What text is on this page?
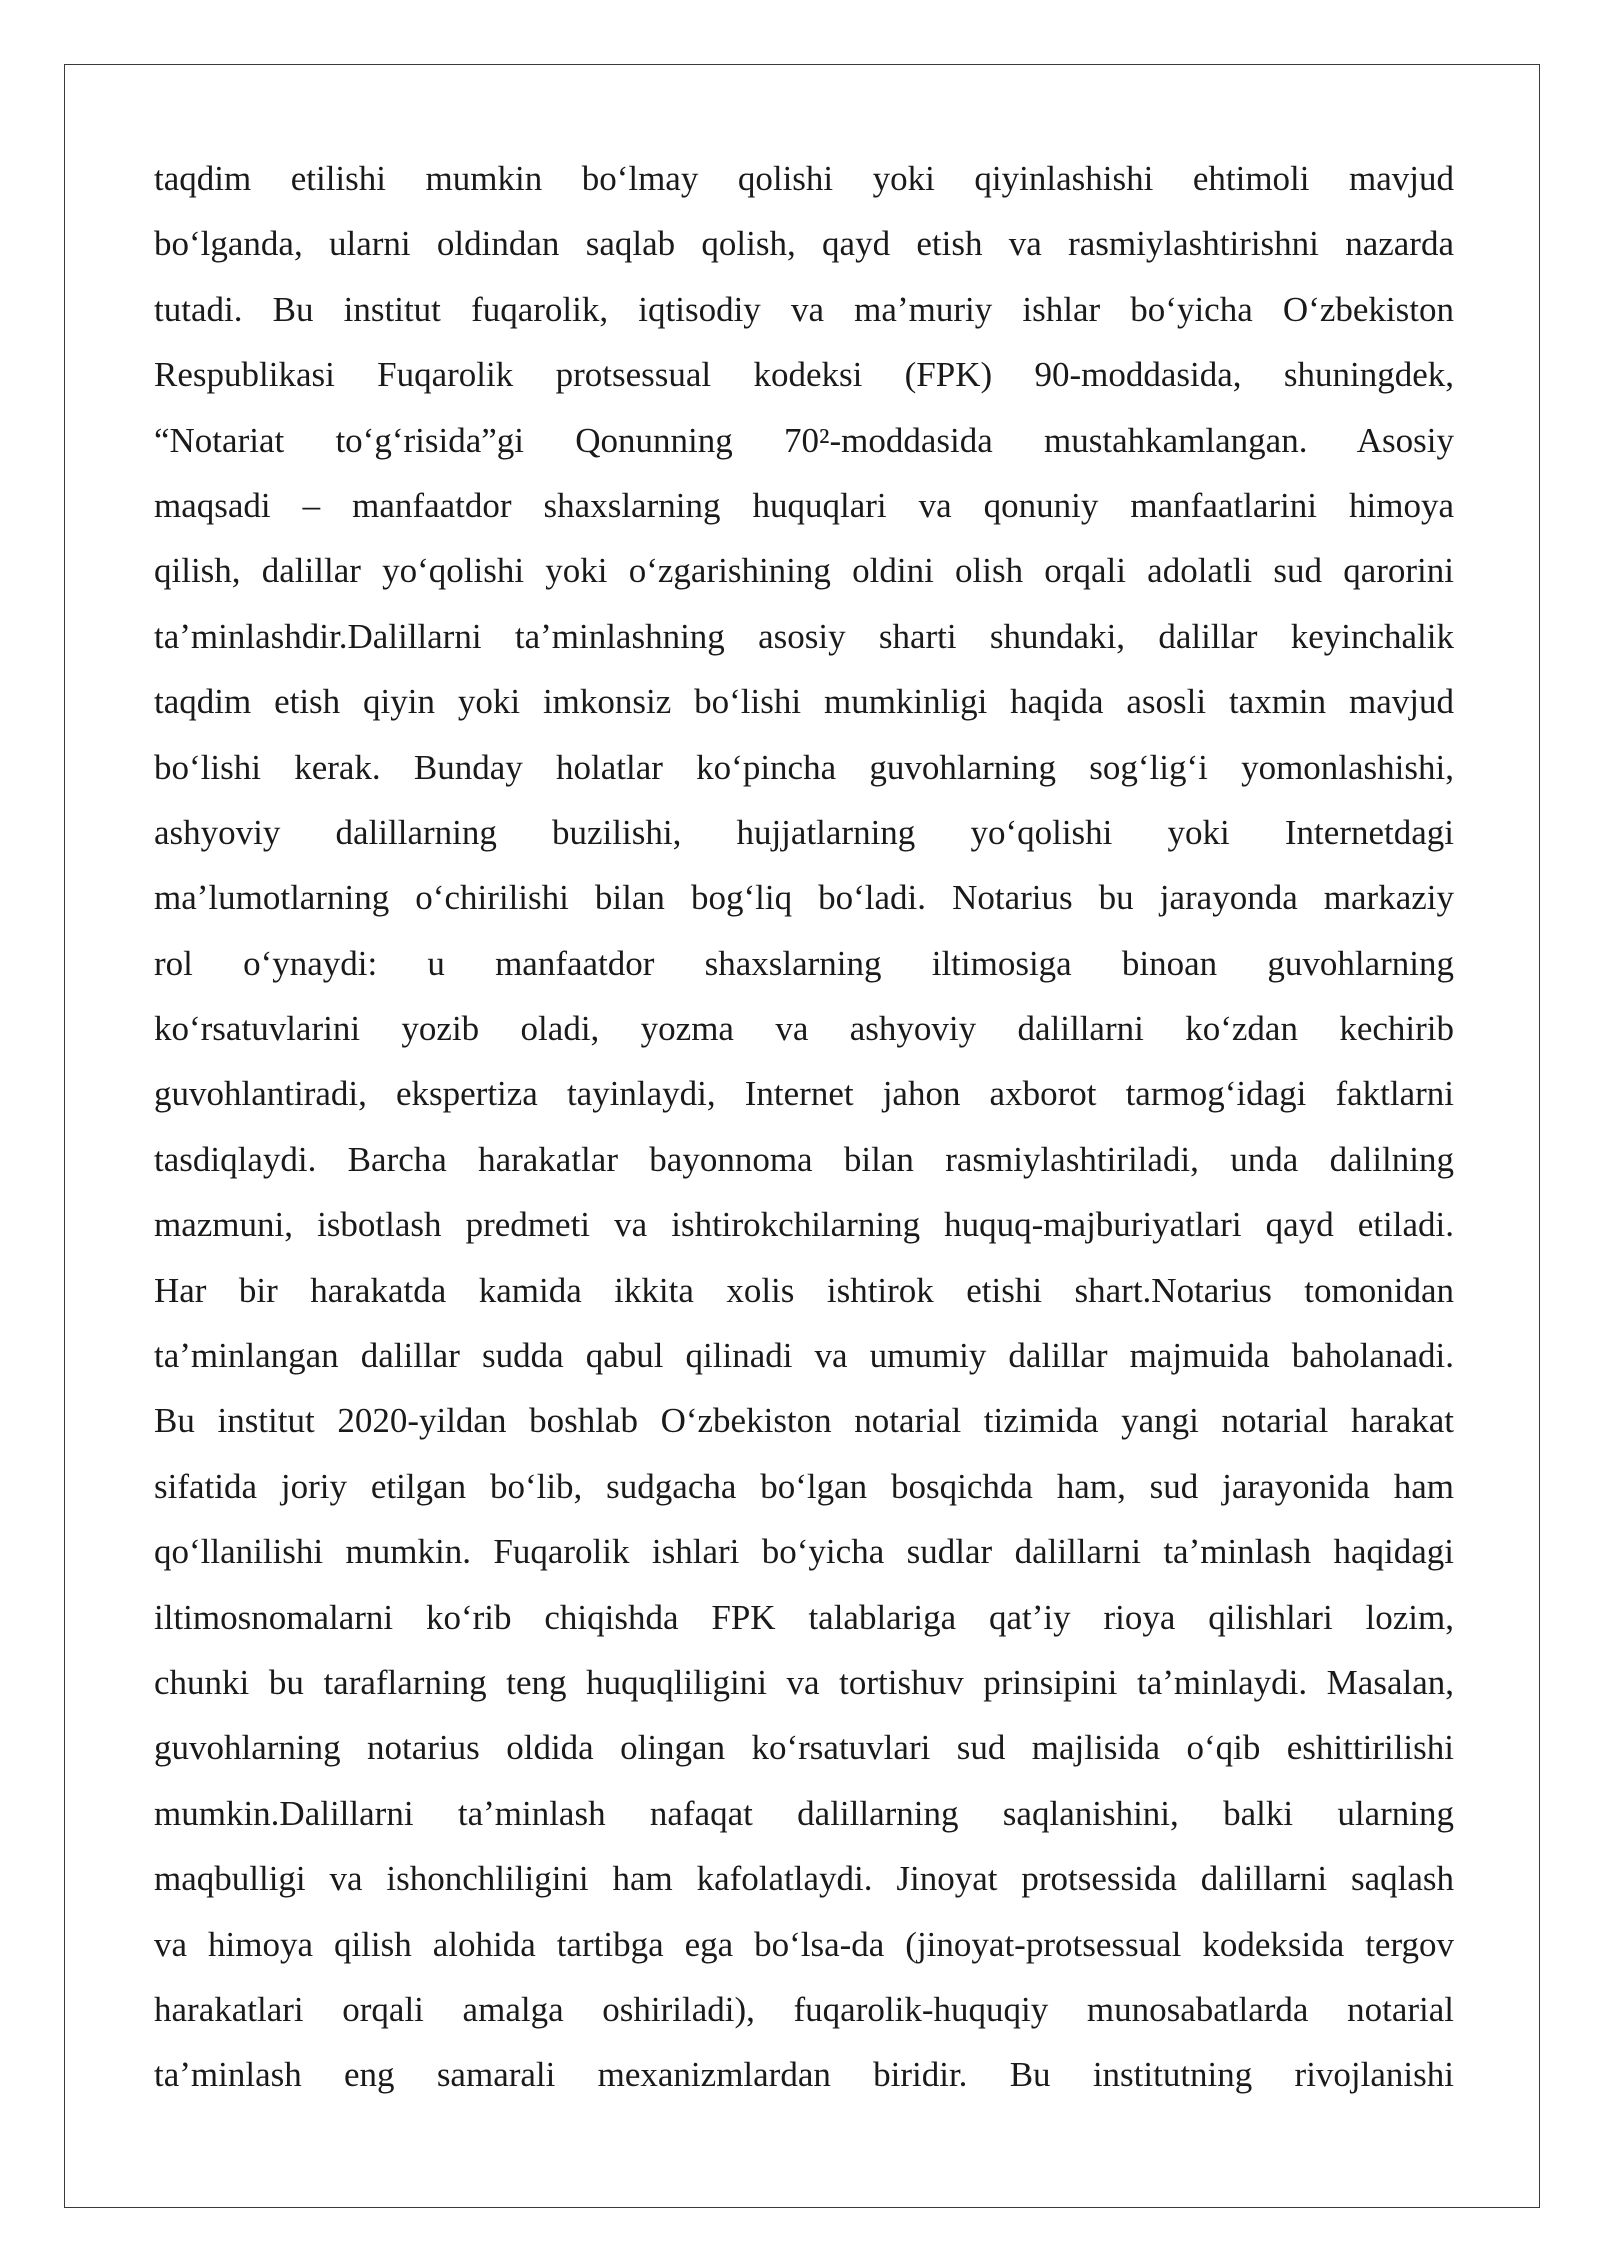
taqdim etilishi mumkin boʻlmay qolishi yoki qiyinlashishi ehtimoli mavjud
boʻlganda, ularni oldindan saqlab qolish, qayd etish va rasmiylashtirishni nazarda
tutadi. Bu institut fuqarolik, iqtisodiy va maʼmuriy ishlar boʻyicha Oʻzbekiston
Respublikasi Fuqarolik protsessual kodeksi (FPK) 90-moddasida, shuningdek,
“Notariat toʻgʻrisida”gi Qonunning 70²-moddasida mustahkamlangan. Asosiy
maqsadi – manfaatdor shaxslarning huquqlari va qonuniy manfaatlarini himoya
qilish, dalillar yoʻqolishi yoki oʻzgarishining oldini olish orqali adolatli sud qarorini
taʼminlashdir.Dalillarni taʼminlashning asosiy sharti shundaki, dalillar keyinchalik
taqdim etish qiyin yoki imkonsiz boʻlishi mumkinligi haqida asosli taxmin mavjud
boʻlishi kerak. Bunday holatlar koʻpincha guvohlarning sogʻligʻi yomonlashishi,
ashyoviy dalillarning buzilishi, hujjatlarning yoʻqolishi yoki Internetdagi
maʼlumotlarning oʻchirilishi bilan bogʻliq boʻladi. Notarius bu jarayonda markaziy
rol oʻynaydi: u manfaatdor shaxslarning iltimosiga binoan guvohlarning
koʻrsatuvlarini yozib oladi, yozma va ashyoviy dalillarni koʻzdan kechirib
guvohlantiradi, ekspertiza tayinlaydi, Internet jahon axborot tarmogʻidagi faktlarni
tasdiqlaydi. Barcha harakatlar bayonnoma bilan rasmiylashtiriladi, unda dalilning
mazmuni, isbotlash predmeti va ishtirokchilarning huquq-majburiyatlari qayd etiladi.
Har bir harakatda kamida ikkita xolis ishtirok etishi shart.Notarius tomonidan
taʼminlangan dalillar sudda qabul qilinadi va umumiy dalillar majmuida baholanadi.
Bu institut 2020-yildan boshlab Oʻzbekiston notarial tizimida yangi notarial harakat
sifatida joriy etilgan boʻlib, sudgacha boʻlgan bosqichda ham, sud jarayonida ham
qoʻllanilishi mumkin. Fuqarolik ishlari boʻyicha sudlar dalillarni taʼminlash haqidagi
iltimosnomalarni koʻrib chiqishda FPK talablariga qatʼiy rioya qilishlari lozim,
chunki bu taraflarning teng huquqliligini va tortishuv prinsipini taʼminlaydi. Masalan,
guvohlarning notarius oldida olingan koʻrsatuvlari sud majlisida oʻqib eshittirilishi
mumkin.Dalillarni taʼminlash nafaqat dalillarning saqlanishini, balki ularning
maqbulligi va ishonchliligini ham kafolatlaydi. Jinoyat protsessida dalillarni saqlash
va himoya qilish alohida tartibga ega boʻlsa-da (jinoyat-protsessual kodeksida tergov
harakatlari orqali amalga oshiriladi), fuqarolik-huquqiy munosabatlarda notarial
taʼminlash eng samarali mexanizmlardan biridir. Bu institutning rivojlanishi
